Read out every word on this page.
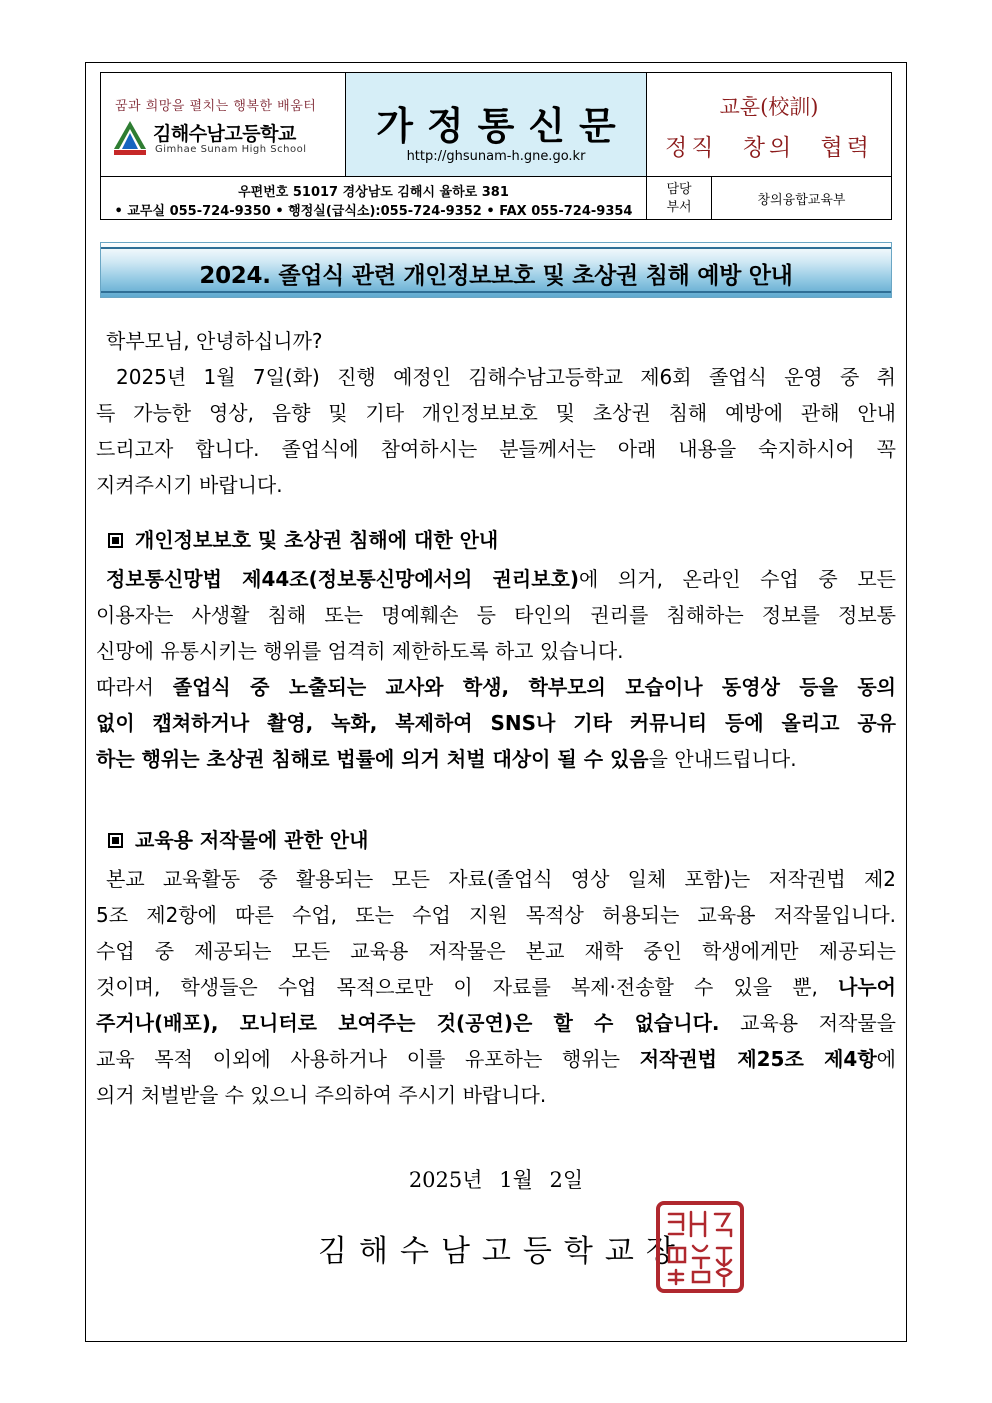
꿈과 희망을 펼치는 행복한 배움터
김해수남고등학교
Gimhae Sunam High School
가정통신문
http://ghsunam-h.gne.go.kr
교훈(校訓)
정직 창의 협력
우편번호 51017 경상남도 김해시 율하로 381
• 교무실 055-724-9350 • 행정실(급식소):055-724-9352 • FAX 055-724-9354
담당
부서	창의융합교육부
2024. 졸업식 관련 개인정보보호 및 초상권 침해 예방 안내
학부모님, 안녕하십니까?
2025년 1월 7일(화) 진행 예정인 김해수남고등학교 제6회 졸업식 운영 중 취
득 가능한 영상, 음향 및 기타 개인정보보호 및 초상권 침해 예방에 관해 안내
드리고자 합니다. 졸업식에 참여하시는 분들께서는 아래 내용을 숙지하시어 꼭
지켜주시기 바랍니다.
개인정보보호 및 초상권 침해에 대한 안내
정보통신망법 제44조(정보통신망에서의 권리보호)에 의거, 온라인 수업 중 모든
이용자는 사생활 침해 또는 명예훼손 등 타인의 권리를 침해하는 정보를 정보통
신망에 유통시키는 행위를 엄격히 제한하도록 하고 있습니다.
따라서 졸업식 중 노출되는 교사와 학생, 학부모의 모습이나 동영상 등을 동의
없이 캡쳐하거나 촬영, 녹화, 복제하여 SNS나 기타 커뮤니티 등에 올리고 공유
하는 행위는 초상권 침해로 법률에 의거 처벌 대상이 될 수 있음을 안내드립니다.
교육용 저작물에 관한 안내
본교 교육활동 중 활용되는 모든 자료(졸업식 영상 일체 포함)는 저작권법 제2
5조 제2항에 따른 수업, 또는 수업 지원 목적상 허용되는 교육용 저작물입니다.
수업 중 제공되는 모든 교육용 저작물은 본교 재학 중인 학생에게만 제공되는
것이며, 학생들은 수업 목적으로만 이 자료를 복제·전송할 수 있을 뿐, 나누어
주거나(배포), 모니터로 보여주는 것(공연)은 할 수 없습니다. 교육용 저작물을
교육 목적 이외에 사용하거나 이를 유포하는 행위는 저작권법 제25조 제4항에
의거 처벌받을 수 있으니 주의하여 주시기 바랍니다.
2025년 1월 2일
김해수남고등학교장
